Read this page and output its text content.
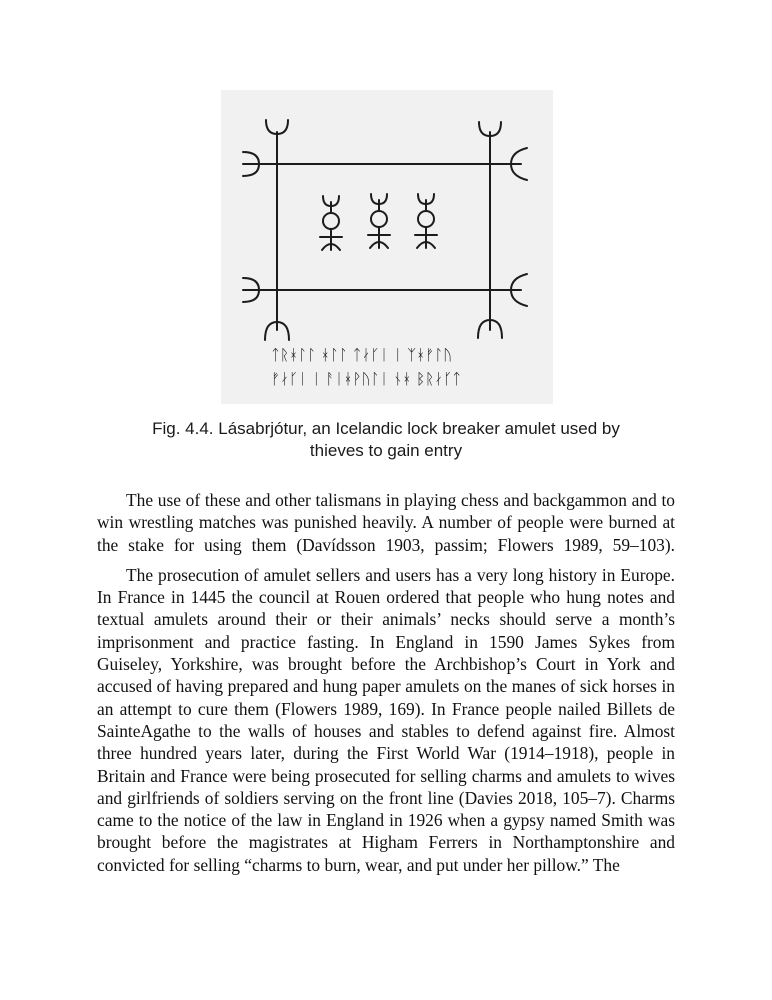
ᛏᚱᚼᛚᛚ ᚼᛚᛚ ᛏᛅᚴᛁ ᛁ ᛉᚼᚠᛚᚢ
ᚠᛅᚴᛁ ᛁ ᚨᛁᚼᚹᚢᛚᛁ ᚾᚼ ᛒᚱᛅᚴᛏ
Fig. 4.4. Lásabrjótur, an Icelandic lock breaker amulet used by
thieves to gain entry

The use of these and other talismans in playing chess and backgammon and to win wrestling matches was punished heavily. A number of people were burned at the stake for using them (Davídsson 1903, passim; Flowers 1989, 59–103).

The prosecution of amulet sellers and users has a very long history in Europe. In France in 1445 the council at Rouen ordered that people who hung notes and textual amulets around their or their animals’ necks should serve a month’s imprisonment and practice fasting. In England in 1590 James Sykes from Guiseley, Yorkshire, was brought before the Archbishop’s Court in York and accused of having prepared and hung paper amulets on the manes of sick horses in an attempt to cure them (Flowers 1989, 169). In France people nailed Billets de SainteAgathe to the walls of houses and stables to defend against fire. Almost three hundred years later, during the First World War (1914–1918), people in Britain and France were being prosecuted for selling charms and amulets to wives and girlfriends of soldiers serving on the front line (Davies 2018, 105–7). Charms came to the notice of the law in England in 1926 when a gypsy named Smith was brought before the magistrates at Higham Ferrers in Northamptonshire and convicted for selling “charms to burn, wear, and put under her pillow.” The
